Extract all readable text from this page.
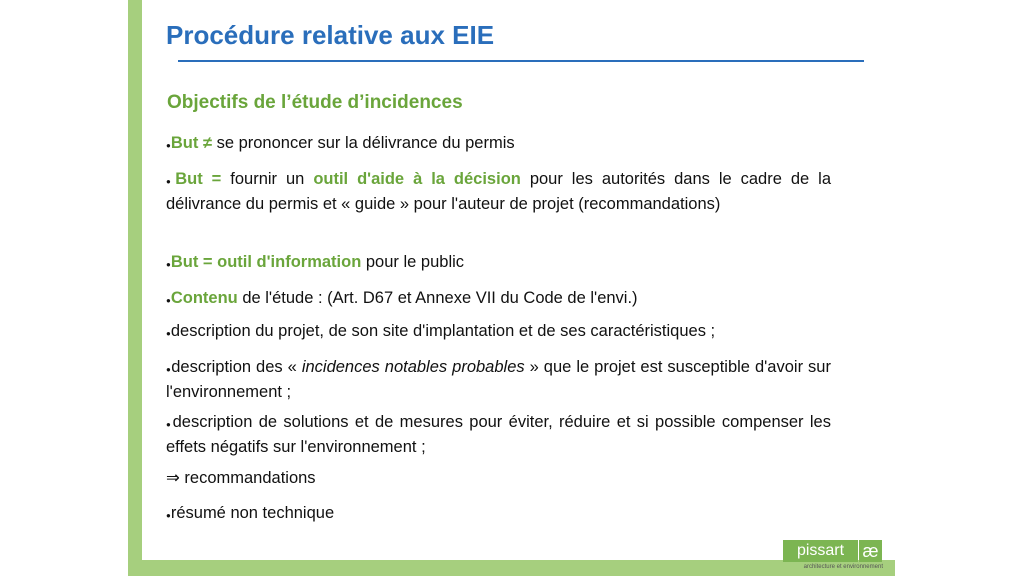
Procédure relative aux EIE
Objectifs de l’étude d’incidences

●But ≠ se prononcer sur la délivrance du permis

●But = fournir un outil d'aide à la décision pour les autorités dans le cadre de la délivrance du permis et « guide » pour l'auteur de projet (recommandations)

●But = outil d'information pour le public

●Contenu de l'étude : (Art. D67 et Annexe VII du Code de l'envi.)

●description du projet, de son site d'implantation et de ses caractéristiques ;

●description des « incidences notables probables » que le projet est susceptible d'avoir sur l'environnement ;

●description de solutions et de mesures pour éviter, réduire et si possible compenser les effets négatifs sur l'environnement ;

⇒ recommandations

●résumé non technique

pissart	æ
architecture et environnement
